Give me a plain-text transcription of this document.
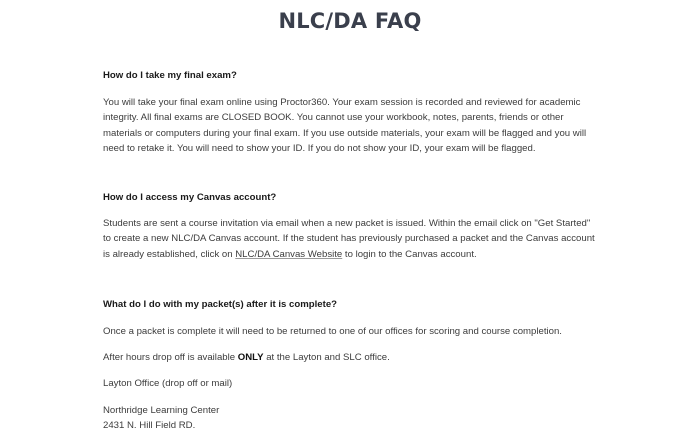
NLC/DA FAQ

How do I take my final exam?

You will take your final exam online using Proctor360. Your exam session is recorded and reviewed for academic integrity. All final exams are CLOSED BOOK. You cannot use your workbook, notes, parents, friends or other materials or computers during your final exam. If you use outside materials, your exam will be flagged and you will need to retake it. You will need to show your ID. If you do not show your ID, your exam will be flagged.

How do I access my Canvas account?

Students are sent a course invitation via email when a new packet is issued. Within the email click on "Get Started" to create a new NLC/DA Canvas account. If the student has previously purchased a packet and the Canvas account is already established, click on NLC/DA Canvas Website to login to the Canvas account.

What do I do with my packet(s) after it is complete?

Once a packet is complete it will need to be returned to one of our offices for scoring and course completion.

After hours drop off is available ONLY at the Layton and SLC office.

Layton Office (drop off or mail)

Northridge Learning Center

2431 N. Hill Field RD.
